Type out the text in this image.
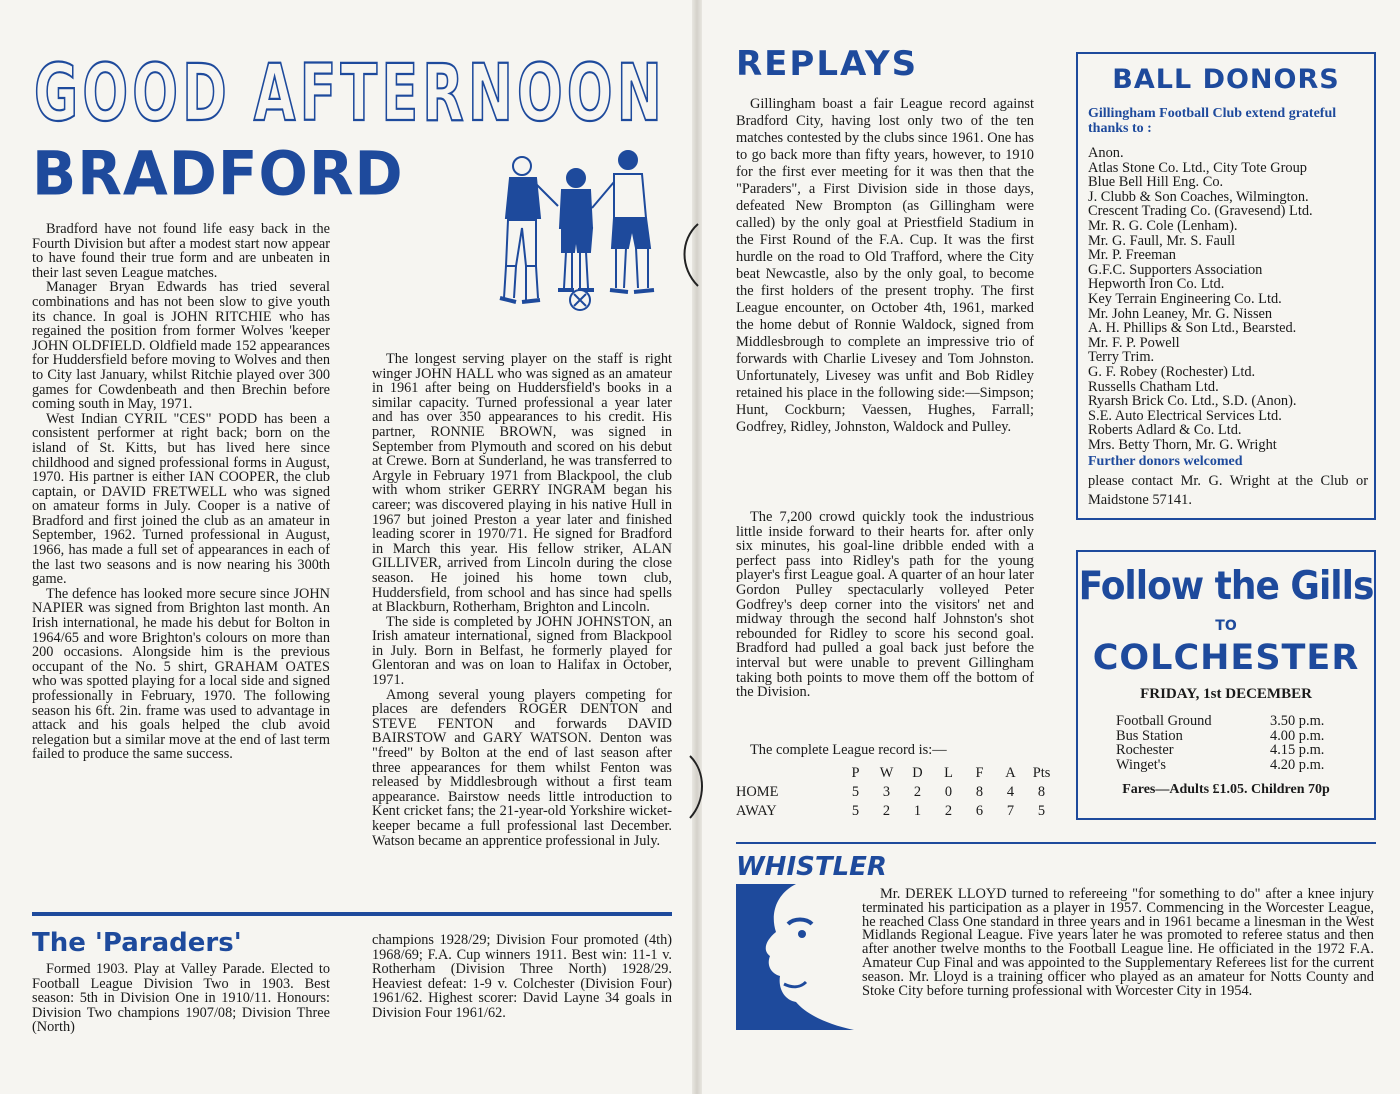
GOOD AFTERNOON
BRADFORD

Bradford have not found life easy back in the Fourth Division but after a modest start now appear to have found their true form and are unbeaten in their last seven League matches.

Manager Bryan Edwards has tried several combinations and has not been slow to give youth its chance. In goal is JOHN RITCHIE who has regained the position from former Wolves 'keeper JOHN OLDFIELD. Oldfield made 152 appearances for Huddersfield before moving to Wolves and then to City last January, whilst Ritchie played over 300 games for Cowdenbeath and then Brechin before coming south in May, 1971.

West Indian CYRIL "CES" PODD has been a consistent performer at right back; born on the island of St. Kitts, but has lived here since childhood and signed professional forms in August, 1970. His partner is either IAN COOPER, the club captain, or DAVID FRETWELL who was signed on amateur forms in July. Cooper is a native of Bradford and first joined the club as an amateur in September, 1962. Turned professional in August, 1966, has made a full set of appearances in each of the last two seasons and is now nearing his 300th game.

The defence has looked more secure since JOHN NAPIER was signed from Brighton last month. An Irish international, he made his debut for Bolton in 1964/65 and wore Brighton's colours on more than 200 occasions. Alongside him is the previous occupant of the No. 5 shirt, GRAHAM OATES who was spotted playing for a local side and signed professionally in February, 1970. The following season his 6ft. 2in. frame was used to advantage in attack and his goals helped the club avoid relegation but a similar move at the end of last term failed to produce the same success.

The longest serving player on the staff is right winger JOHN HALL who was signed as an amateur in 1961 after being on Huddersfield's books in a similar capacity. Turned professional a year later and has over 350 appearances to his credit. His partner, RONNIE BROWN, was signed in September from Plymouth and scored on his debut at Crewe. Born at Sunderland, he was transferred to Argyle in February 1971 from Blackpool, the club with whom striker GERRY INGRAM began his career; was discovered playing in his native Hull in 1967 but joined Preston a year later and finished leading scorer in 1970/71. He signed for Bradford in March this year. His fellow striker, ALAN GILLIVER, arrived from Lincoln during the close season. He joined his home town club, Huddersfield, from school and has since had spells at Blackburn, Rotherham, Brighton and Lincoln.

The side is completed by JOHN JOHNSTON, an Irish amateur international, signed from Blackpool in July. Born in Belfast, he formerly played for Glentoran and was on loan to Halifax in October, 1971.

Among several young players competing for places are defenders ROGER DENTON and STEVE FENTON and forwards DAVID BAIRSTOW and GARY WATSON. Denton was "freed" by Bolton at the end of last season after three appearances for them whilst Fenton was released by Middlesbrough without a first team appearance. Bairstow needs little introduction to Kent cricket fans; the 21-year-old Yorkshire wicket-keeper became a full professional last December. Watson became an apprentice professional in July.

The 'Paraders'

Formed 1903. Play at Valley Parade. Elected to Football League Division Two in 1903. Best season: 5th in Division One in 1910/11. Honours: Division Two champions 1907/08; Division Three (North)

champions 1928/29; Division Four promoted (4th) 1968/69; F.A. Cup winners 1911. Best win: 11-1 v. Rotherham (Division Three North) 1928/29. Heaviest defeat: 1-9 v. Colchester (Division Four) 1961/62. Highest scorer: David Layne 34 goals in Division Four 1961/62.

REPLAYS

Gillingham boast a fair League record against Bradford City, having lost only two of the ten matches contested by the clubs since 1961. One has to go back more than fifty years, however, to 1910 for the first ever meeting for it was then that the "Paraders", a First Division side in those days, defeated New Brompton (as Gillingham were called) by the only goal at Priestfield Stadium in the First Round of the F.A. Cup. It was the first hurdle on the road to Old Trafford, where the City beat Newcastle, also by the only goal, to become the first holders of the present trophy. The first League encounter, on October 4th, 1961, marked the home debut of Ronnie Waldock, signed from Middlesbrough to complete an impressive trio of forwards with Charlie Livesey and Tom Johnston. Unfortunately, Livesey was unfit and Bob Ridley retained his place in the following side:—Simpson; Hunt, Cockburn; Vaessen, Hughes, Farrall; Godfrey, Ridley, Johnston, Waldock and Pulley.

The 7,200 crowd quickly took the industrious little inside forward to their hearts for. after only six minutes, his goal-line dribble ended with a perfect pass into Ridley's path for the young player's first League goal. A quarter of an hour later Gordon Pulley spectacularly volleyed Peter Godfrey's deep corner into the visitors' net and midway through the second half Johnston's shot rebounded for Ridley to score his second goal. Bradford had pulled a goal back just before the interval but were unable to prevent Gillingham taking both points to move them off the bottom of the Division.

The complete League record is:—
	P	W	D	L	F	A	Pts
HOME	5	3	2	0	8	4	8
AWAY	5	2	1	2	6	7	5
BALL DONORS

Gillingham Football Club extend grateful thanks to :

Anon.
Atlas Stone Co. Ltd., City Tote Group
Blue Bell Hill Eng. Co.
J. Clubb & Son Coaches, Wilmington.
Crescent Trading Co. (Gravesend) Ltd.
Mr. R. G. Cole (Lenham).
Mr. G. Faull, Mr. S. Faull
Mr. P. Freeman
G.F.C. Supporters Association
Hepworth Iron Co. Ltd.
Key Terrain Engineering Co. Ltd.
Mr. John Leaney, Mr. G. Nissen
A. H. Phillips & Son Ltd., Bearsted.
Mr. F. P. Powell
Terry Trim.
G. F. Robey (Rochester) Ltd.
Russells Chatham Ltd.
Ryarsh Brick Co. Ltd., S.D. (Anon).
S.E. Auto Electrical Services Ltd.
Roberts Adlard & Co. Ltd.
Mrs. Betty Thorn, Mr. G. Wright

Further donors welcomed

please contact Mr. G. Wright at the Club or Maidstone 57141.

Follow the Gills

TO

COLCHESTER

FRIDAY, 1st DECEMBER

Football Ground	3.50 p.m.
Bus Station	4.00 p.m.
Rochester	4.15 p.m.
Winget's	4.20 p.m.

Fares—Adults £1.05. Children 70p

WHISTLER

Mr. DEREK LLOYD turned to refereeing "for something to do" after a knee injury terminated his participation as a player in 1957. Commencing in the Worcester League, he reached Class One standard in three years and in 1961 became a linesman in the West Midlands Regional League. Five years later he was promoted to referee status and then after another twelve months to the Football League line. He officiated in the 1972 F.A. Amateur Cup Final and was appointed to the Supplementary Referees list for the current season. Mr. Lloyd is a training officer who played as an amateur for Notts County and Stoke City before turning professional with Worcester City in 1954.
